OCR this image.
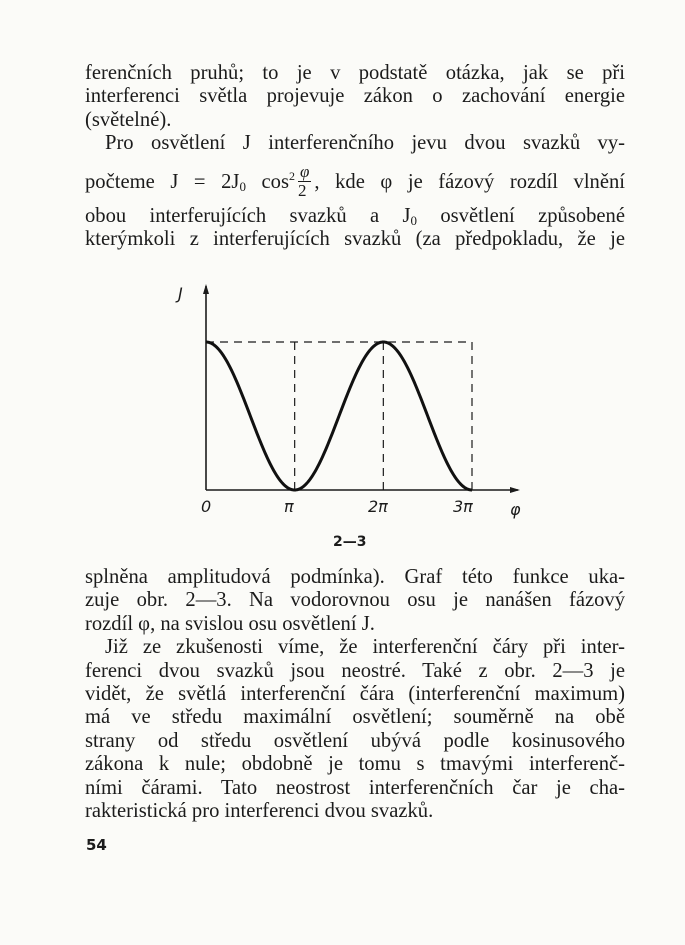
ferenčních pruhů; to je v podstatě otázka, jak se při
interferenci světla projevuje zákon o zachování energie
(světelné).
Pro osvětlení J interferenčního jevu dvou svazků vy-
počteme $J = 2J_0$ $\cos^2 \frac{\varphi}{2}$ , kde φ je fázový rozdíl vlnění
obou interferujících svazků a $J_0$ osvětlení způsobené
kterýmkoli z interferujících svazků (za předpokladu, že je
J
φ
0	π	2π	3π
2—3
splněna amplitudová podmínka). Graf této funkce uka-
zuje obr. 2—3. Na vodorovnou osu je nanášen fázový
rozdíl φ, na svislou osu osvětlení J.
Již ze zkušenosti víme, že interferenční čáry při inter-
ferenci dvou svazků jsou neostré. Také z obr. 2—3 je
vidět, že světlá interferenční čára (interferenční maximum)
má ve středu maximální osvětlení; souměrně na obě
strany od středu osvětlení ubývá podle kosinusového
zákona k nule; obdobně je tomu s tmavými interferenč-
ními čárami. Tato neostrost interferenčních čar je cha-
rakteristická pro interferenci dvou svazků.
54
